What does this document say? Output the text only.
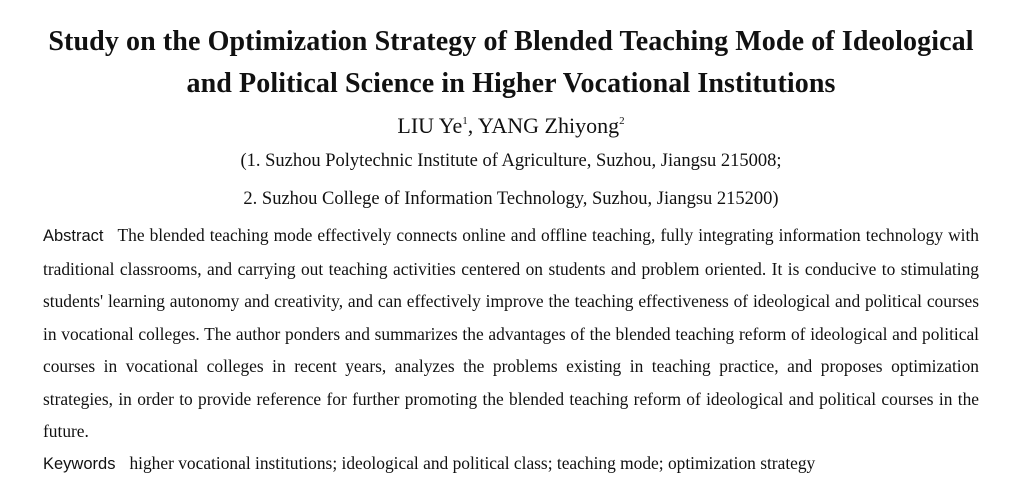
Study on the Optimization Strategy of Blended Teaching Mode of Ideological
and Political Science in Higher Vocational Institutions
LIU Ye$^1$, YANG Zhiyong$^2$
(1. Suzhou Polytechnic Institute of Agriculture, Suzhou, Jiangsu 215008;
2. Suzhou College of Information Technology, Suzhou, Jiangsu 215200)
Abstract The blended teaching mode effectively connects online and offline teaching, fully integrating information technology with traditional classrooms, and carrying out teaching activities centered on students and problem oriented. It is conducive to stimulating students' learning autonomy and creativity, and can effectively improve the teaching effectiveness of ideological and political courses in vocational colleges. The author ponders and summarizes the advantages of the blended teaching reform of ideological and political courses in vocational colleges in recent years, analyzes the problems existing in teaching practice, and proposes optimization strategies, in order to provide reference for further promoting the blended teaching reform of ideological and political courses in the future.
Keywords higher vocational institutions; ideological and political class; teaching mode; optimization strategy
